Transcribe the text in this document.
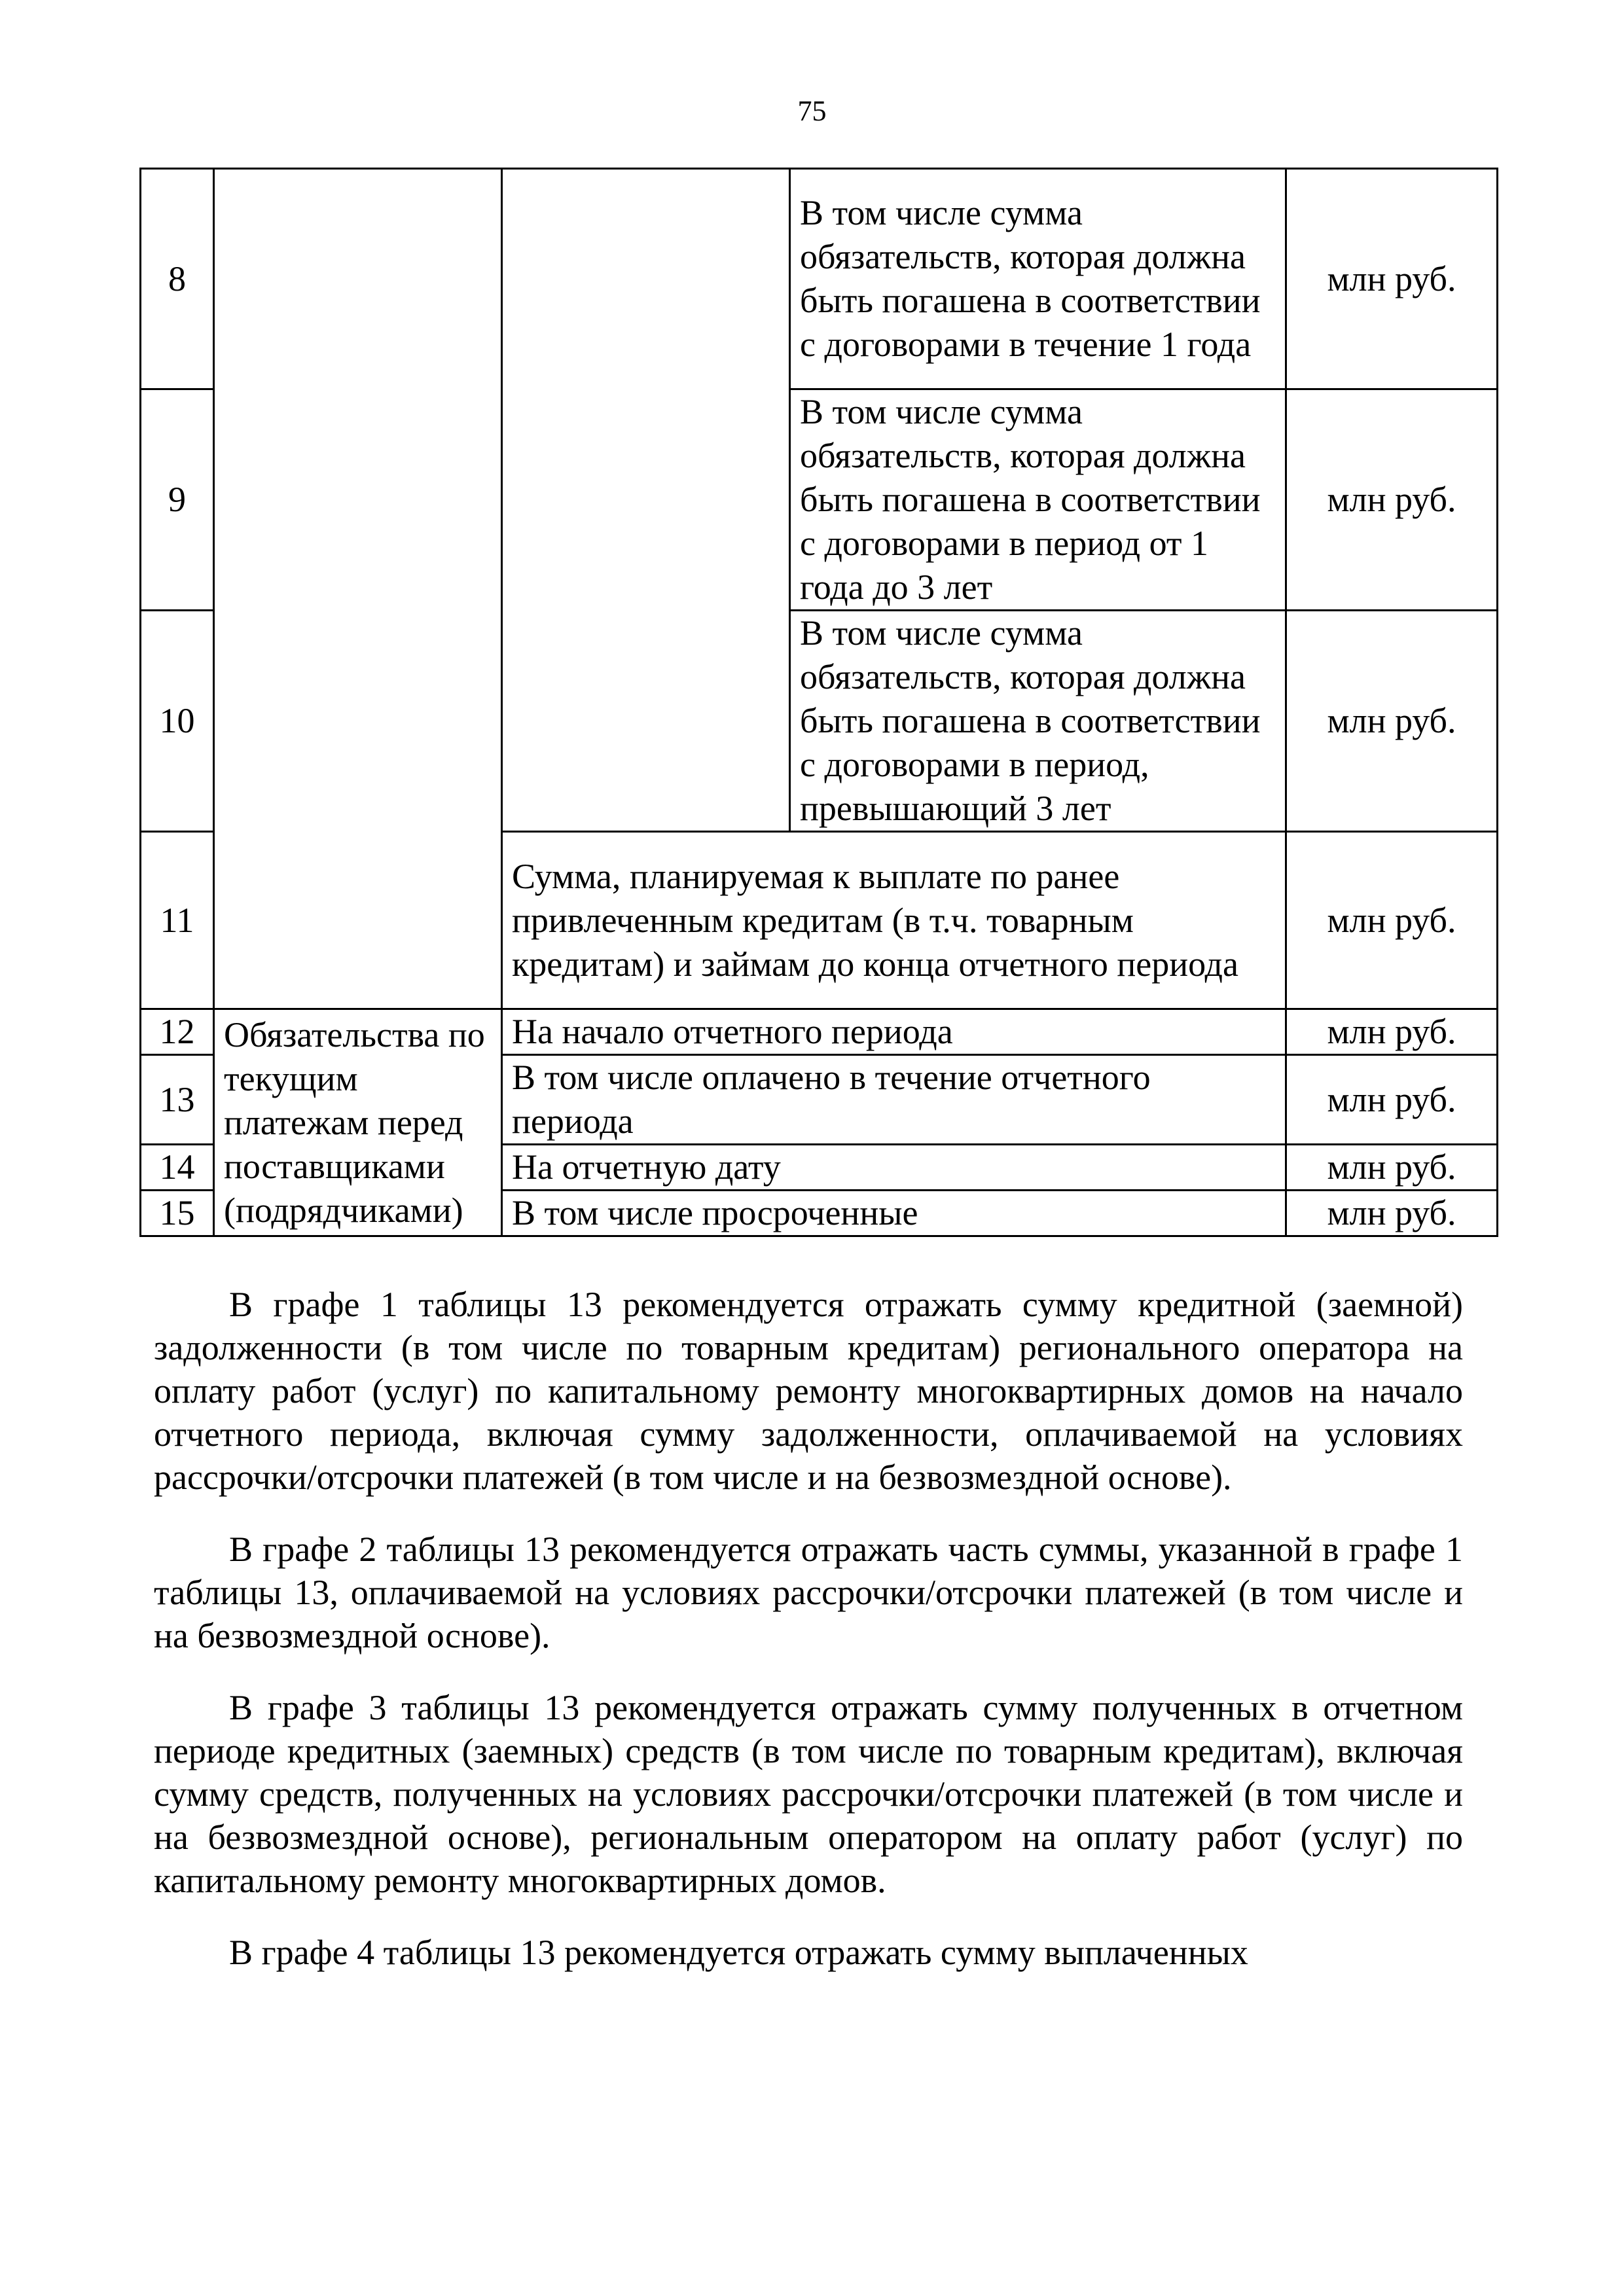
75
8			В том числе сумма обязательств, которая должна быть погашена в соответствии с договорами в течение 1 года	млн руб.
9			В том числе сумма обязательств, которая должна быть погашена в соответствии с договорами в период от 1 года до 3 лет	млн руб.
10			В том числе сумма обязательств, которая должна быть погашена в соответствии с договорами в период, превышающий 3 лет	млн руб.
11		Сумма, планируемая к выплате по ранее привлеченным кредитам (в т.ч. товарным кредитам) и займам до конца отчетного периода		млн руб.
12	Обязательства по текущим платежам перед поставщиками (подрядчиками)	На начало отчетного периода		млн руб.
13		В том числе оплачено в течение отчетного периода		млн руб.
14		На отчетную дату		млн руб.
15		В том числе просроченные		млн руб.

В графе 1 таблицы 13 рекомендуется отражать сумму кредитной (заемной) задолженности (в том числе по товарным кредитам) регионального оператора на оплату работ (услуг) по капитальному ремонту многоквартирных домов на начало отчетного периода, включая сумму задолженности, оплачиваемой на условиях рассрочки/отсрочки платежей (в том числе и на безвозмездной основе).

В графе 2 таблицы 13 рекомендуется отражать часть суммы, указанной в графе 1 таблицы 13, оплачиваемой на условиях рассрочки/отсрочки платежей (в том числе и на безвозмездной основе).

В графе 3 таблицы 13 рекомендуется отражать сумму полученных в отчетном периоде кредитных (заемных) средств (в том числе по товарным кредитам), включая сумму средств, полученных на условиях рассрочки/отсрочки платежей (в том числе и на безвозмездной основе), региональным оператором на оплату работ (услуг) по капитальному ремонту многоквартирных домов.

В графе 4 таблицы 13 рекомендуется отражать сумму выплаченных
